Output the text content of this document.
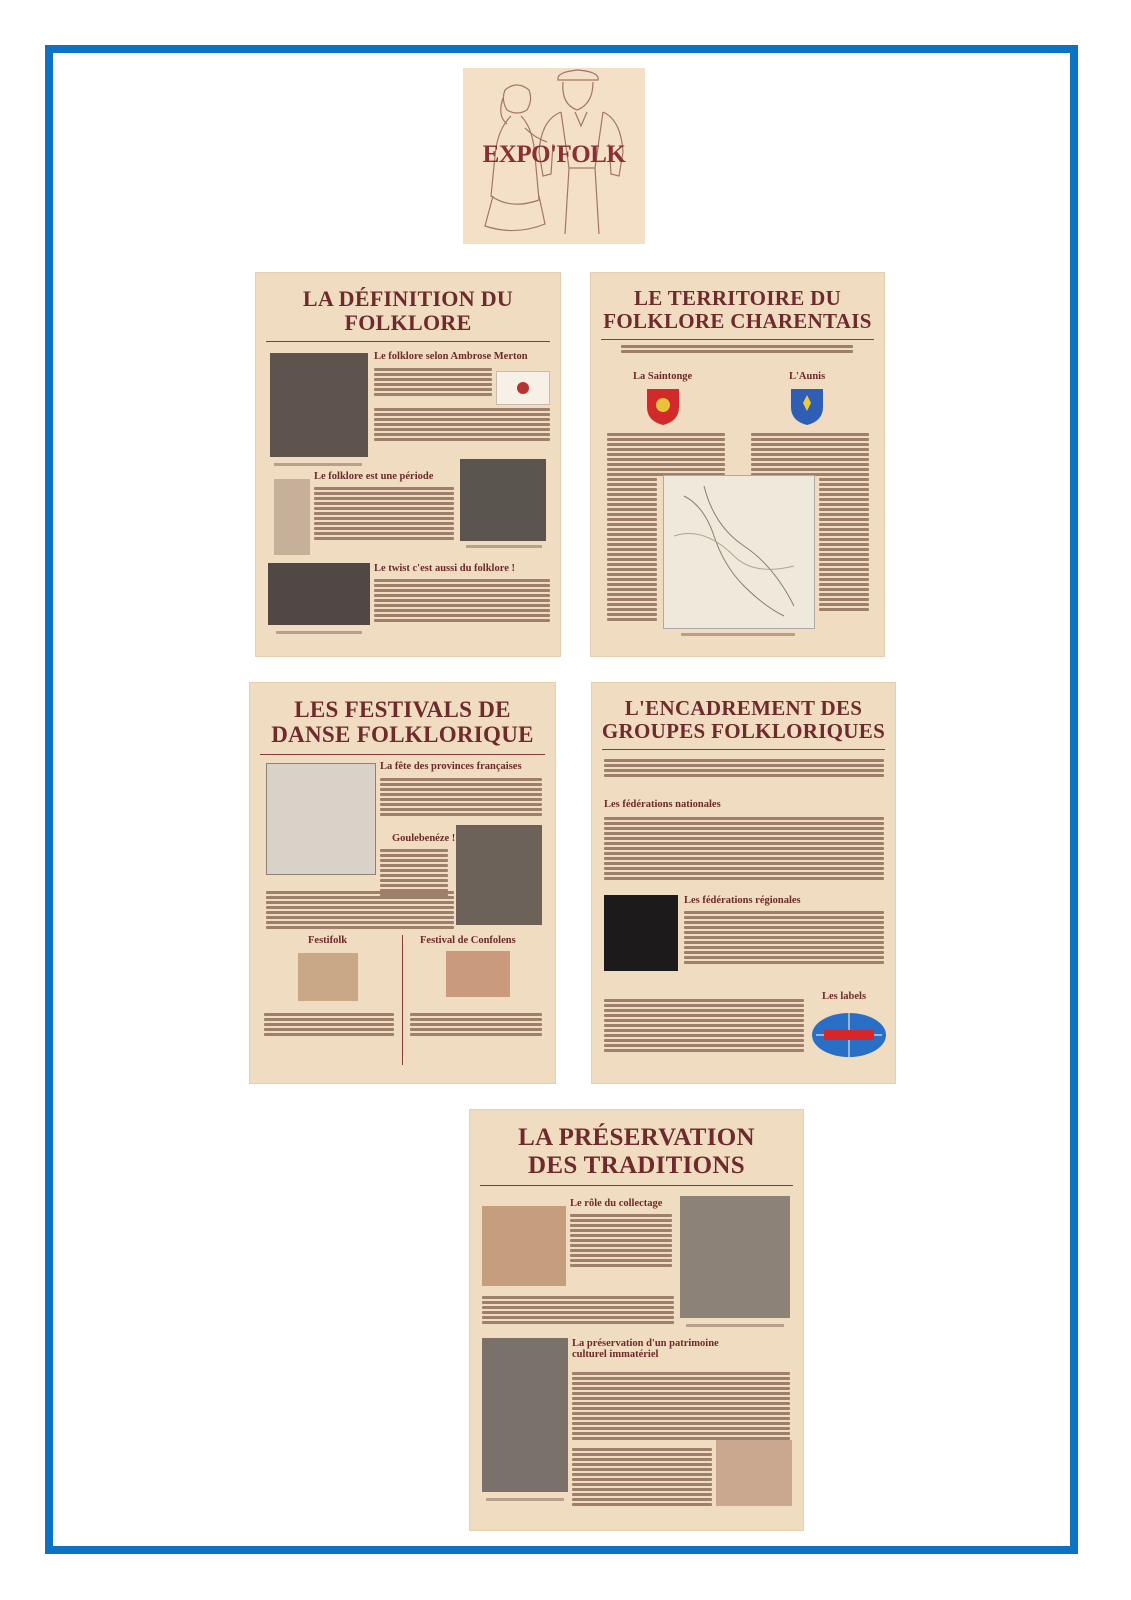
EXPO'FOLK
LA DÉFINITION DU
FOLKLORE
Le folklore selon Ambrose Merton
Le folklore est une période
Le twist c'est aussi du folklore !
LE TERRITOIRE DU
FOLKLORE CHARENTAIS
La Saintonge	L'Aunis
LES FESTIVALS DE
DANSE FOLKLORIQUE
La fête des provinces françaises
Goulebenéze !
Festifolk	Festival de Confolens
L'ENCADREMENT DES
GROUPES FOLKLORIQUES
Les fédérations nationales
Les fédérations régionales
Les labels
LA PRÉSERVATION
DES TRADITIONS
Le rôle du collectage
La préservation d'un patrimoine
culturel immatériel
